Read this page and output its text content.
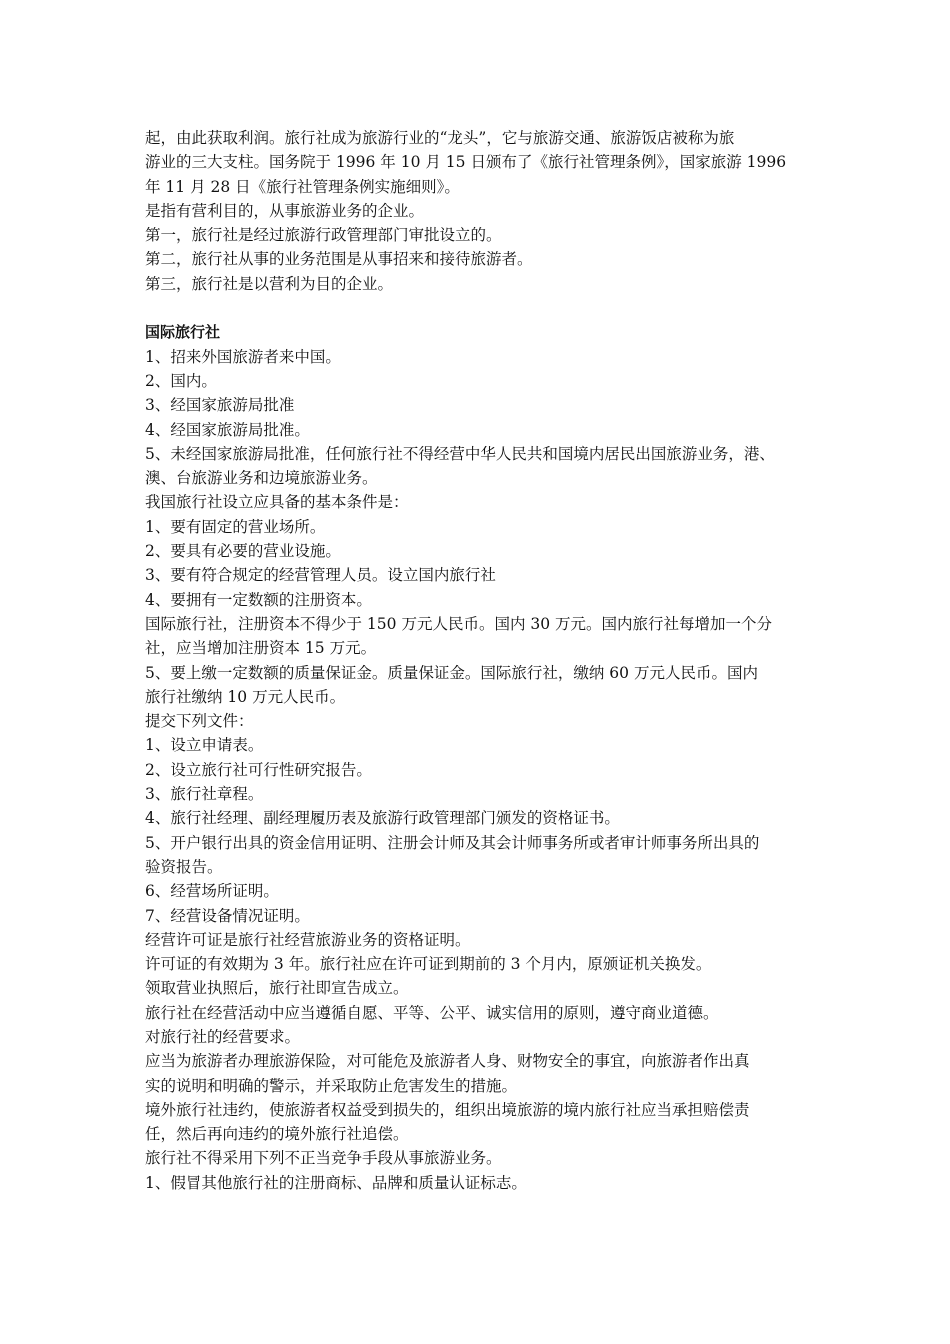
起，由此获取利润。旅行社成为旅游行业的“龙头”，它与旅游交通、旅游饭店被称为旅

游业的三大支柱。国务院于 1996 年 10 月 15 日颁布了《旅行社管理条例》，国家旅游 1996

年 11 月 28 日《旅行社管理条例实施细则》。

是指有营利目的，从事旅游业务的企业。

第一，旅行社是经过旅游行政管理部门审批设立的。

第二，旅行社从事的业务范围是从事招来和接待旅游者。

第三，旅行社是以营利为目的企业。

国际旅行社

1、招来外国旅游者来中国。

2、国内。

3、经国家旅游局批准

4、经国家旅游局批准。

5、未经国家旅游局批准，任何旅行社不得经营中华人民共和国境内居民出国旅游业务，港、

澳、台旅游业务和边境旅游业务。

我国旅行社设立应具备的基本条件是：

1、要有固定的营业场所。

2、要具有必要的营业设施。

3、要有符合规定的经营管理人员。设立国内旅行社

4、要拥有一定数额的注册资本。

国际旅行社，注册资本不得少于 150 万元人民币。国内 30 万元。国内旅行社每增加一个分

社，应当增加注册资本 15 万元。

5、要上缴一定数额的质量保证金。质量保证金。国际旅行社，缴纳 60 万元人民币。国内

旅行社缴纳 10 万元人民币。

提交下列文件：

1、设立申请表。

2、设立旅行社可行性研究报告。

3、旅行社章程。

4、旅行社经理、副经理履历表及旅游行政管理部门颁发的资格证书。

5、开户银行出具的资金信用证明、注册会计师及其会计师事务所或者审计师事务所出具的

验资报告。

6、经营场所证明。

7、经营设备情况证明。

经营许可证是旅行社经营旅游业务的资格证明。

许可证的有效期为 3 年。旅行社应在许可证到期前的 3 个月内，原颁证机关换发。

领取营业执照后，旅行社即宣告成立。

旅行社在经营活动中应当遵循自愿、平等、公平、诚实信用的原则，遵守商业道德。

对旅行社的经营要求。

应当为旅游者办理旅游保险，对可能危及旅游者人身、财物安全的事宜，向旅游者作出真

实的说明和明确的警示，并采取防止危害发生的措施。

境外旅行社违约，使旅游者权益受到损失的，组织出境旅游的境内旅行社应当承担赔偿责

任，然后再向违约的境外旅行社追偿。

旅行社不得采用下列不正当竞争手段从事旅游业务。

1、假冒其他旅行社的注册商标、品牌和质量认证标志。
